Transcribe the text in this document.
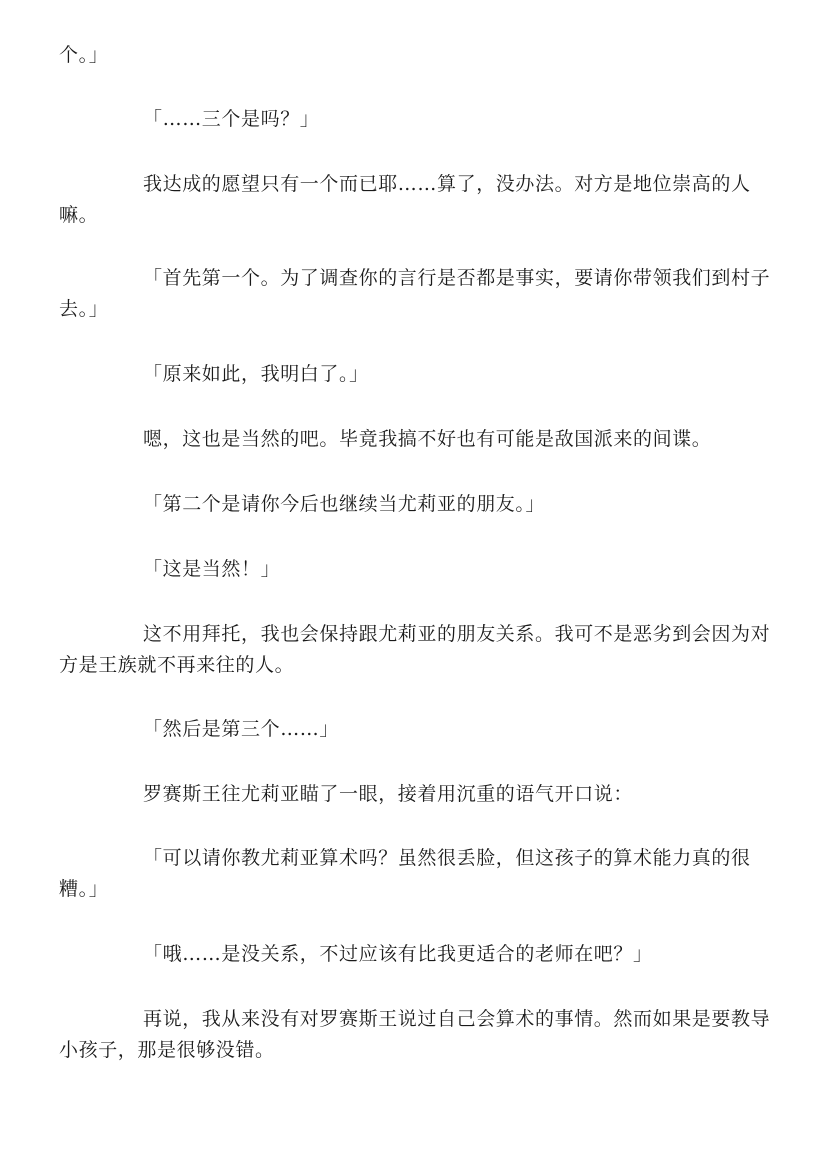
个。」

「……三个是吗？」

我达成的愿望只有一个而已耶……算了，没办法。对方是地位崇高的人嘛。

「首先第一个。为了调查你的言行是否都是事实，要请你带领我们到村子去。」

「原来如此，我明白了。」

嗯，这也是当然的吧。毕竟我搞不好也有可能是敌国派来的间谍。

「第二个是请你今后也继续当尤莉亚的朋友。」

「这是当然！」

这不用拜托，我也会保持跟尤莉亚的朋友关系。我可不是恶劣到会因为对方是王族就不再来往的人。

「然后是第三个……」

罗赛斯王往尤莉亚瞄了一眼，接着用沉重的语气开口说：

「可以请你教尤莉亚算术吗？虽然很丢脸，但这孩子的算术能力真的很糟。」

「哦……是没关系，不过应该有比我更适合的老师在吧？」

再说，我从来没有对罗赛斯王说过自己会算术的事情。然而如果是要教导小孩子，那是很够没错。
